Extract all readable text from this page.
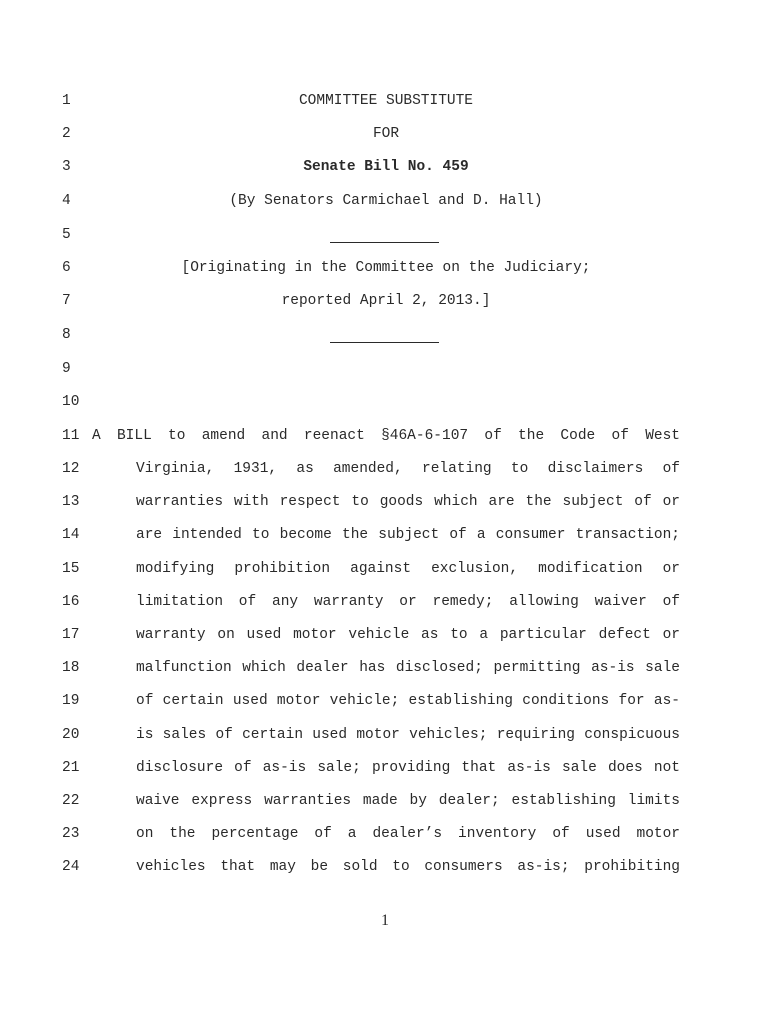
1
2
3
4
5
6
7
8
9
10
11
12
13
14
15
16
17
18
19
20
21
22
23
24
COMMITTEE SUBSTITUTE
FOR
Senate Bill No. 459
(By Senators Carmichael and D. Hall)
[Originating in the Committee on the Judiciary;
reported April 2, 2013.]
A BILL to amend and reenact §46A-6-107 of the Code of West
Virginia, 1931, as amended, relating to disclaimers of
warranties with respect to goods which are the subject of or
are intended to become the subject of a consumer transaction;
modifying prohibition against exclusion, modification or
limitation of any warranty or remedy; allowing waiver of
warranty on used motor vehicle as to a particular defect or
malfunction which dealer has disclosed; permitting as-is sale
of certain used motor vehicle; establishing conditions for as-
is sales of certain used motor vehicles; requiring conspicuous
disclosure of as-is sale; providing that as-is sale does not
waive express warranties made by dealer; establishing limits
on the percentage of a dealer’s inventory of used motor
vehicles that may be sold to consumers as-is; prohibiting
1
